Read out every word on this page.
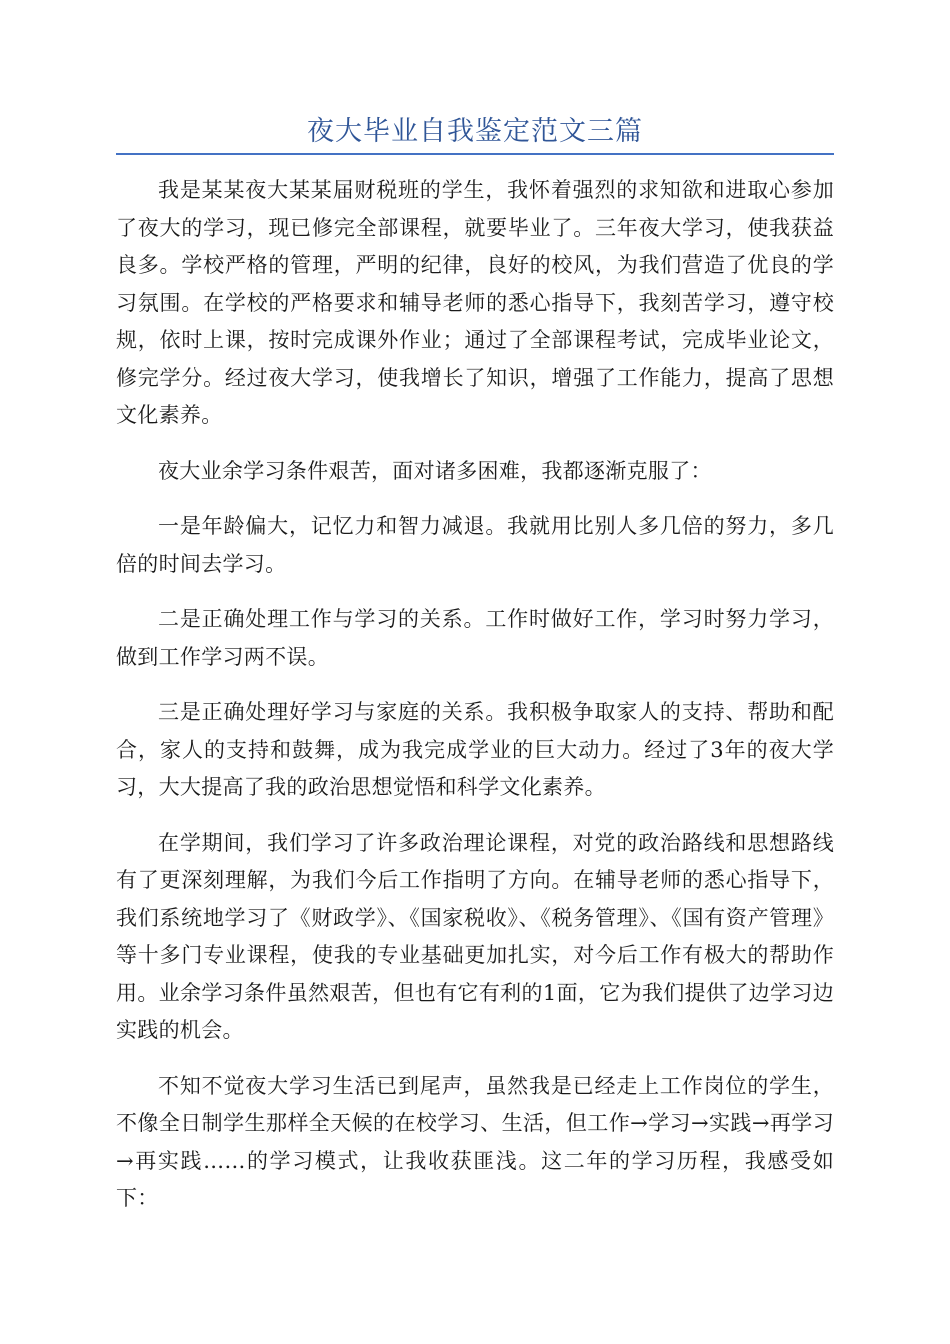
夜大毕业自我鉴定范文三篇

我是某某夜大某某届财税班的学生，我怀着强烈的求知欲和进取心参加了夜大的学习，现已修完全部课程，就要毕业了。三年夜大学习，使我获益良多。学校严格的管理，严明的纪律，良好的校风，为我们营造了优良的学习氛围。在学校的严格要求和辅导老师的悉心指导下，我刻苦学习，遵守校规，依时上课，按时完成课外作业；通过了全部课程考试，完成毕业论文，修完学分。经过夜大学习，使我增长了知识，增强了工作能力，提高了思想文化素养。

夜大业余学习条件艰苦，面对诸多困难，我都逐渐克服了：

一是年龄偏大，记忆力和智力减退。我就用比别人多几倍的努力，多几倍的时间去学习。

二是正确处理工作与学习的关系。工作时做好工作，学习时努力学习，做到工作学习两不误。

三是正确处理好学习与家庭的关系。我积极争取家人的支持、帮助和配合，家人的支持和鼓舞，成为我完成学业的巨大动力。经过了3年的夜大学习，大大提高了我的政治思想觉悟和科学文化素养。

在学期间，我们学习了许多政治理论课程，对党的政治路线和思想路线有了更深刻理解，为我们今后工作指明了方向。在辅导老师的悉心指导下，我们系统地学习了《财政学》、《国家税收》、《税务管理》、《国有资产管理》等十多门专业课程，使我的专业基础更加扎实，对今后工作有极大的帮助作用。业余学习条件虽然艰苦，但也有它有利的1面，它为我们提供了边学习边实践的机会。

不知不觉夜大学习生活已到尾声，虽然我是已经走上工作岗位的学生，不像全日制学生那样全天候的在校学习、生活，但工作→学习→实践→再学习→再实践……的学习模式，让我收获匪浅。这二年的学习历程，我感受如下：
